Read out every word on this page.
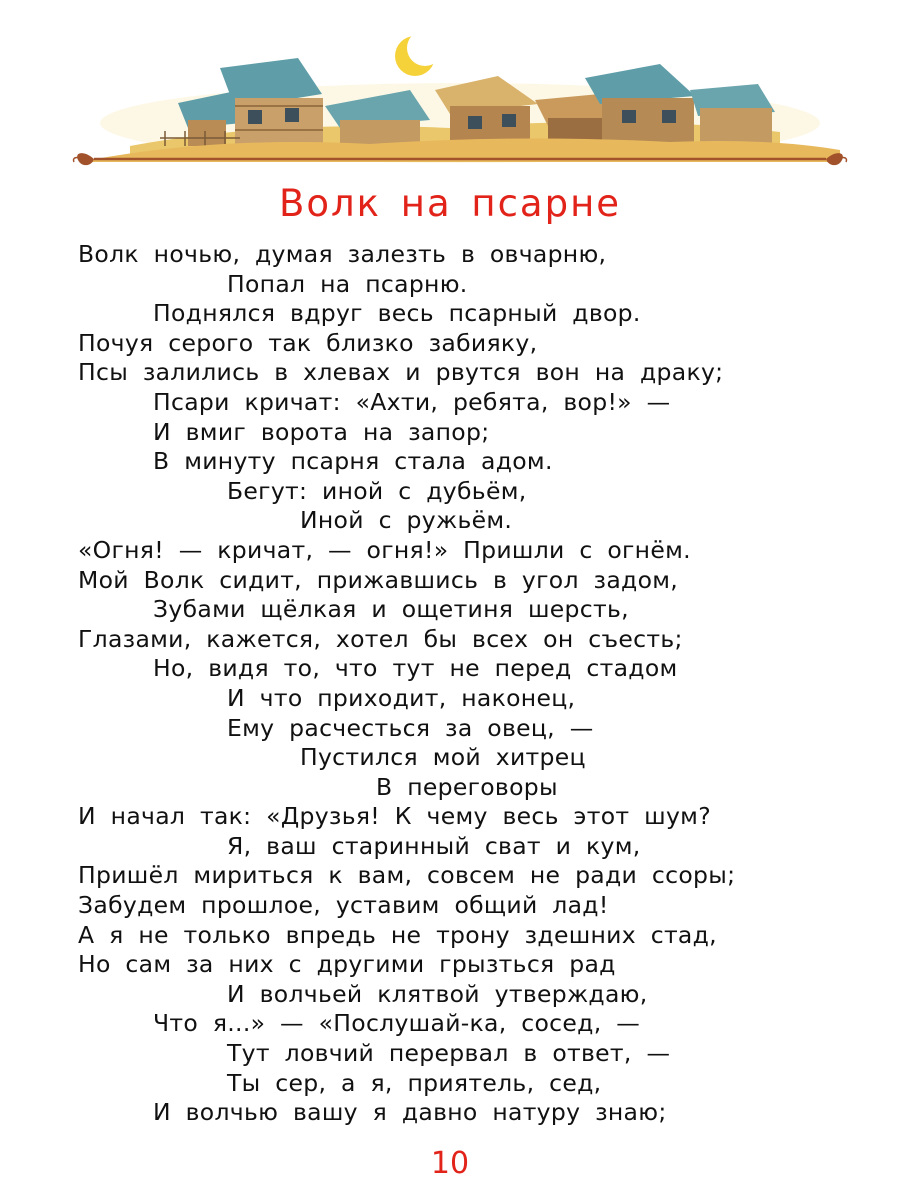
Волк на псарне
Волк ночью, думая залезть в овчарню,
Попал на псарню.
Поднялся вдруг весь псарный двор.
Почуя серого так близко забияку,
Псы залились в хлевах и рвутся вон на драку;
Псари кричат: «Ахти, ребята, вор!» —
И вмиг ворота на запор;
В минуту псарня стала адом.
Бегут: иной с дубьём,
Иной с ружьём.
«Огня! — кричат, — огня!» Пришли с огнём.
Мой Волк сидит, прижавшись в угол задом,
Зубами щёлкая и ощетиня шерсть,
Глазами, кажется, хотел бы всех он съесть;
Но, видя то, что тут не перед стадом
И что приходит, наконец,
Ему расчесться за овец, —
Пустился мой хитрец
В переговоры
И начал так: «Друзья! К чему весь этот шум?
Я, ваш старинный сват и кум,
Пришёл мириться к вам, совсем не ради ссоры;
Забудем прошлое, уставим общий лад!
А я не только впредь не трону здешних стад,
Но сам за них с другими грызться рад
И волчьей клятвой утверждаю,
Что я...» — «Послушай-ка, сосед, —
Тут ловчий перервал в ответ, —
Ты сер, а я, приятель, сед,
И волчью вашу я давно натуру знаю;
10
